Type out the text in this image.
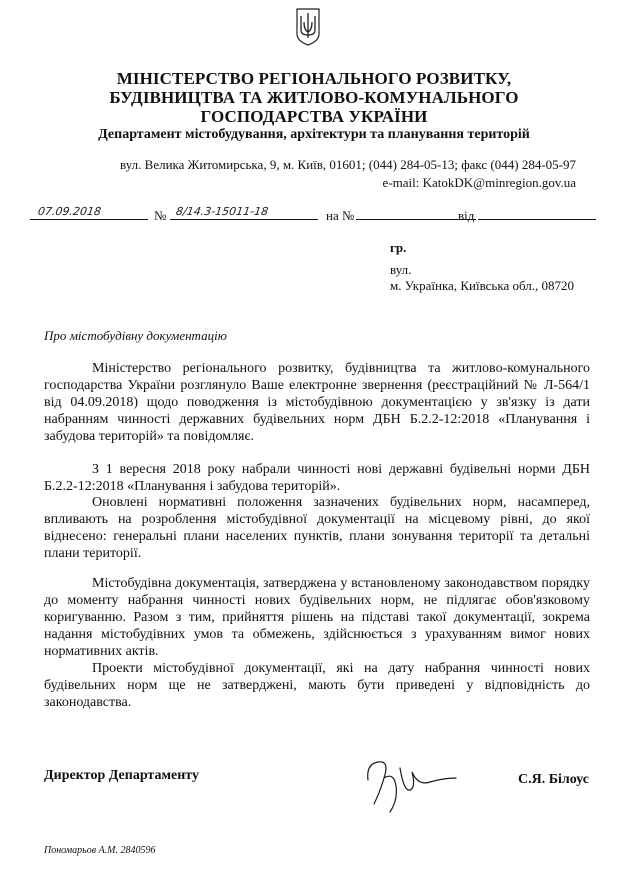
МІНІСТЕРСТВО РЕГІОНАЛЬНОГО РОЗВИТКУ,
БУДІВНИЦТВА ТА ЖИТЛОВО-КОМУНАЛЬНОГО
ГОСПОДАРСТВА УКРАЇНИ
Департамент містобудування, архітектури та планування територій
вул. Велика Житомирська, 9, м. Київ, 01601; (044) 284-05-13; факс (044) 284-05-97
e-mail: KatokDK@minregion.gov.ua
07.09.2018	№ 8/14.3-15011-18	на №	від
гр.
вул.
м. Українка, Київська обл., 08720
Про містобудівну документацію

Міністерство регіонального розвитку, будівництва та житлово-комунального господарства України розглянуло Ваше електронне звернення (реєстраційний № Л-564/1 від 04.09.2018) щодо поводження із містобудівною документацією у зв'язку із дати набранням чинності державних будівельних норм ДБН Б.2.2-12:2018 «Планування і забудова територій» та повідомляє.

З 1 вересня 2018 року набрали чинності нові державні будівельні норми ДБН Б.2.2-12:2018 «Планування і забудова територій».

Оновлені нормативні положення зазначених будівельних норм, насамперед, впливають на розроблення містобудівної документації на місцевому рівні, до якої віднесено: генеральні плани населених пунктів, плани зонування території та детальні плани території.

Містобудівна документація, затверджена у встановленому законодавством порядку до моменту набрання чинності нових будівельних норм, не підлягає обов'язковому коригуванню. Разом з тим, прийняття рішень на підставі такої документації, зокрема надання містобудівних умов та обмежень, здійснюється з урахуванням вимог нових нормативних актів.

Проекти містобудівної документації, які на дату набрання чинності нових будівельних норм ще не затверджені, мають бути приведені у відповідність до законодавства.

Директор Департаменту	С.Я. Білоус
Пономарьов А.М. 2840596
